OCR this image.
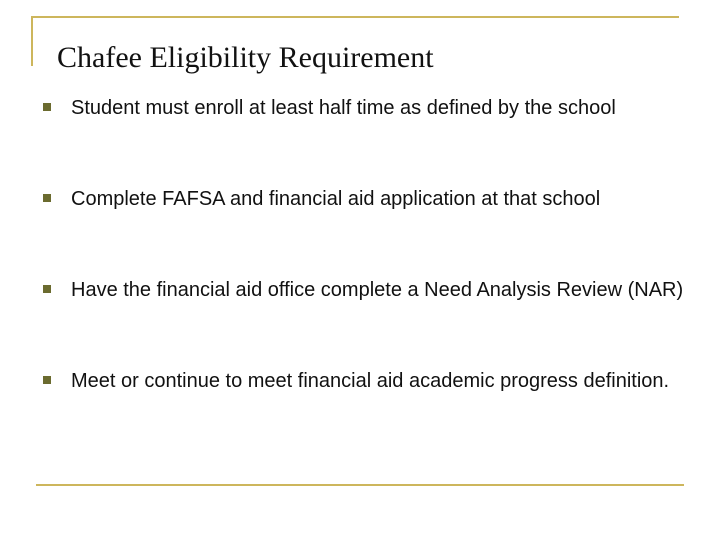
Chafee Eligibility Requirement
Student must enroll at least half time as defined by the school
Complete FAFSA and financial aid application at that school
Have the financial aid office complete a Need Analysis Review (NAR)
Meet or continue to meet financial aid academic progress definition.
